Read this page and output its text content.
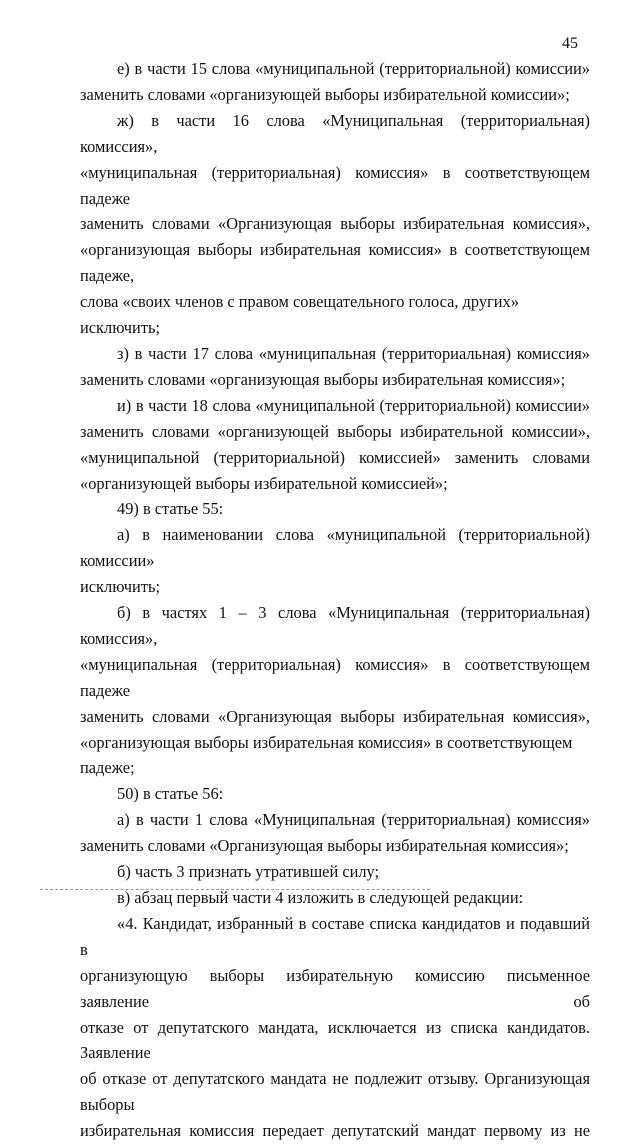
45

е) в части 15 слова «муниципальной (территориальной) комиссии»

заменить словами «организующей выборы избирательной комиссии»;

ж) в части 16 слова «Муниципальная (территориальная) комиссия»,

«муниципальная (территориальная) комиссия» в соответствующем падеже

заменить словами «Организующая выборы избирательная комиссия»,

«организующая выборы избирательная комиссия» в соответствующем падеже,

слова «своих членов с правом совещательного голоса, других» исключить;

з) в части 17 слова «муниципальная (территориальная) комиссия»

заменить словами «организующая выборы избирательная комиссия»;

и) в части 18 слова «муниципальной (территориальной) комиссии»

заменить словами «организующей выборы избирательной комиссии»,

«муниципальной (территориальной) комиссией» заменить словами

«организующей выборы избирательной комиссией»;

49) в статье 55:

а) в наименовании слова «муниципальной (территориальной) комиссии»

исключить;

б) в частях 1 – 3 слова «Муниципальная (территориальная) комиссия»,

«муниципальная (территориальная) комиссия» в соответствующем падеже

заменить словами «Организующая выборы избирательная комиссия»,

«организующая выборы избирательная комиссия» в соответствующем падеже;

50) в статье 56:

а) в части 1 слова «Муниципальная (территориальная) комиссия»

заменить словами «Организующая выборы избирательная комиссия»;

б) часть 3 признать утратившей силу;

в) абзац первый части 4 изложить в следующей редакции:

«4. Кандидат, избранный в составе списка кандидатов и подавший в

организующую выборы избирательную комиссию письменное заявление об

отказе от депутатского мандата, исключается из списка кандидатов. Заявление

об отказе от депутатского мандата не подлежит отзыву. Организующая выборы

избирательная комиссия передает депутатский мандат первому из не
